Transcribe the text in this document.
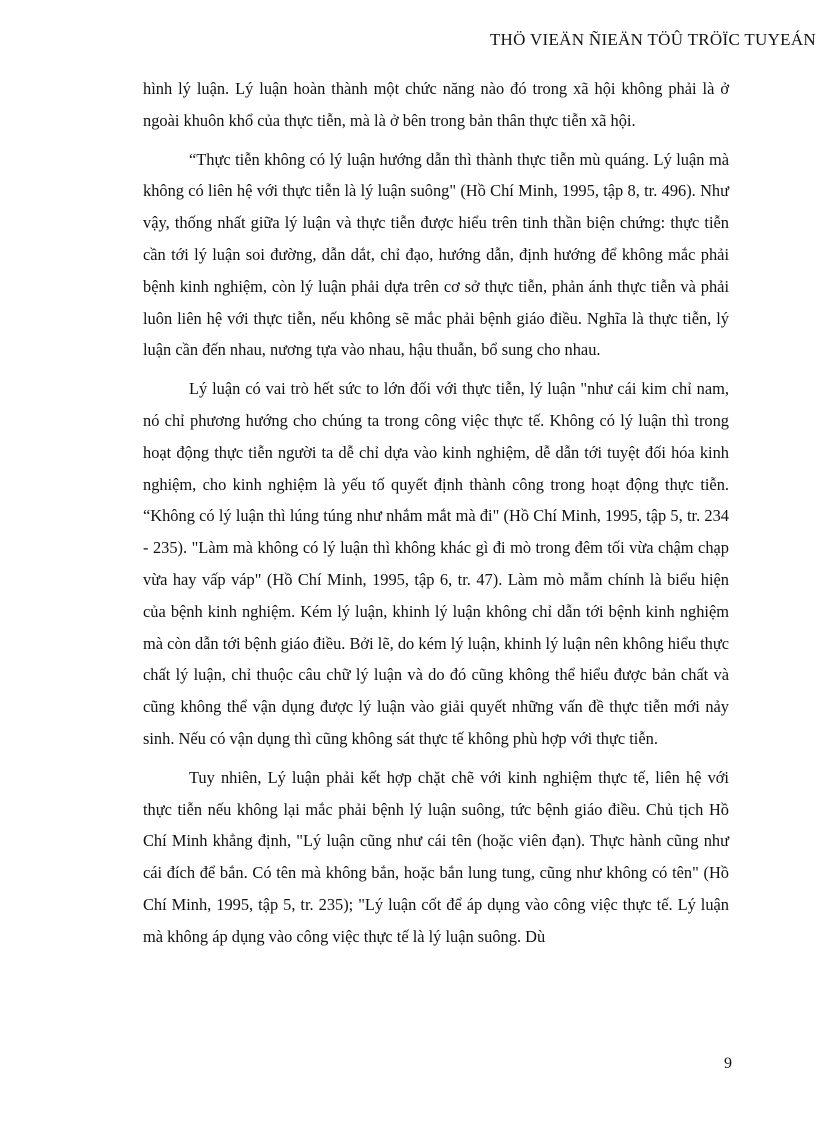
THÖ VIEÄN ÑIEÄN TÖÛ TRÖÏC TUYEÁN

hình lý luận. Lý luận hoàn thành một chức năng nào đó trong xã hội không phải là ở ngoài khuôn khổ của thực tiễn, mà là ở bên trong bản thân thực tiễn xã hội.

“Thực tiễn không có lý luận hướng dẫn thì thành thực tiễn mù quáng. Lý luận mà không có liên hệ với thực tiễn là lý luận suông" (Hồ Chí Minh, 1995, tập 8, tr. 496). Như vậy, thống nhất giữa lý luận và thực tiễn được hiểu trên tinh thần biện chứng: thực tiễn cần tới lý luận soi đường, dẫn dắt, chỉ đạo, hướng dẫn, định hướng để không mắc phải bệnh kinh nghiệm, còn lý luận phải dựa trên cơ sở thực tiễn, phản ánh thực tiễn và phải luôn liên hệ với thực tiễn, nếu không sẽ mắc phải bệnh giáo điều. Nghĩa là thực tiễn, lý luận cần đến nhau, nương tựa vào nhau, hậu thuẫn, bổ sung cho nhau.

Lý luận có vai trò hết sức to lớn đối với thực tiễn, lý luận "như cái kim chỉ nam, nó chỉ phương hướng cho chúng ta trong công việc thực tế. Không có lý luận thì trong hoạt động thực tiễn người ta dễ chỉ dựa vào kinh nghiệm, dễ dẫn tới tuyệt đối hóa kinh nghiệm, cho kinh nghiệm là yếu tố quyết định thành công trong hoạt động thực tiễn. “Không có lý luận thì lúng túng như nhắm mắt mà đi" (Hồ Chí Minh, 1995, tập 5, tr. 234 - 235). "Làm mà không có lý luận thì không khác gì đi mò trong đêm tối vừa chậm chạp vừa hay vấp váp" (Hồ Chí Minh, 1995, tập 6, tr. 47). Làm mò mẫm chính là biểu hiện của bệnh kinh nghiệm. Kém lý luận, khinh lý luận không chỉ dẫn tới bệnh kinh nghiệm mà còn dẫn tới bệnh giáo điều. Bởi lẽ, do kém lý luận, khinh lý luận nên không hiểu thực chất lý luận, chỉ thuộc câu chữ lý luận và do đó cũng không thể hiểu được bản chất và cũng không thể vận dụng được lý luận vào giải quyết những vấn đề thực tiễn mới nảy sinh. Nếu có vận dụng thì cũng không sát thực tế không phù hợp với thực tiễn.

Tuy nhiên, Lý luận phải kết hợp chặt chẽ với kinh nghiệm thực tế, liên hệ với thực tiễn nếu không lại mắc phải bệnh lý luận suông, tức bệnh giáo điều. Chủ tịch Hồ Chí Minh khẳng định, "Lý luận cũng như cái tên (hoặc viên đạn). Thực hành cũng như cái đích để bắn. Có tên mà không bắn, hoặc bắn lung tung, cũng như không có tên" (Hồ Chí Minh, 1995, tập 5, tr. 235); "Lý luận cốt để áp dụng vào công việc thực tế. Lý luận mà không áp dụng vào công việc thực tế là lý luận suông. Dù

9
